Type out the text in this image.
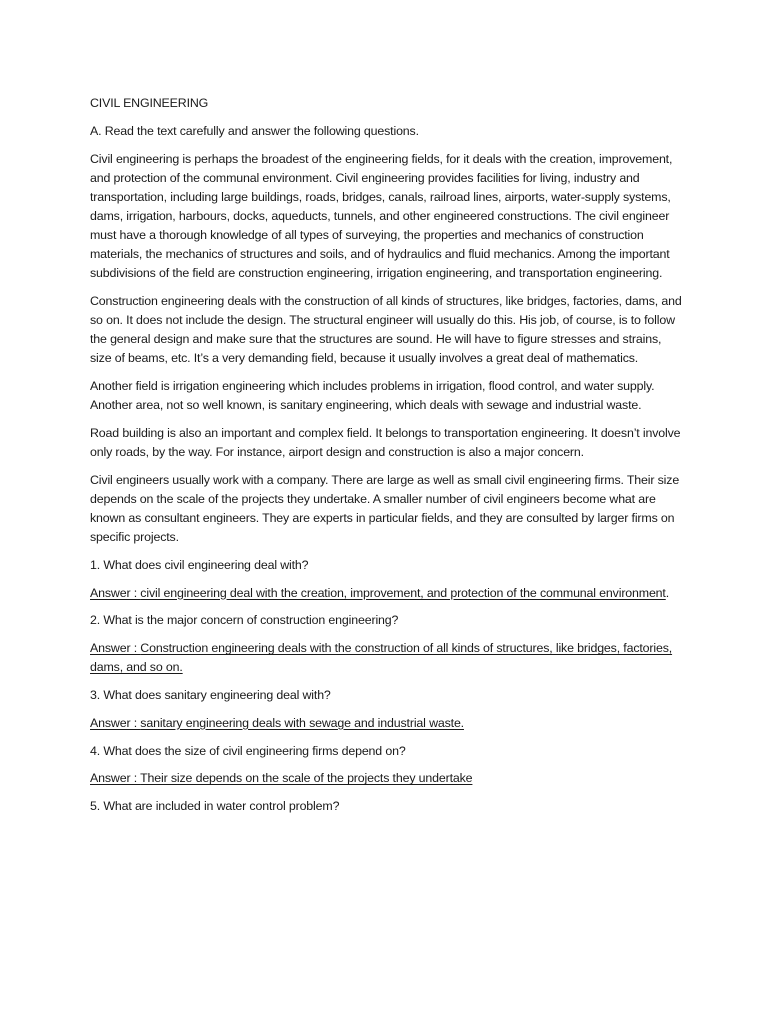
CIVIL ENGINEERING

A. Read the text carefully and answer the following questions.

Civil engineering is perhaps the broadest of the engineering fields, for it deals with the creation, improvement, and protection of the communal environment. Civil engineering provides facilities for living, industry and transportation, including large buildings, roads, bridges, canals, railroad lines, airports, water-supply systems, dams, irrigation, harbours, docks, aqueducts, tunnels, and other engineered constructions. The civil engineer must have a thorough knowledge of all types of surveying, the properties and mechanics of construction materials, the mechanics of structures and soils, and of hydraulics and fluid mechanics. Among the important subdivisions of the field are construction engineering, irrigation engineering, and transportation engineering.

Construction engineering deals with the construction of all kinds of structures, like bridges, factories, dams, and so on. It does not include the design. The structural engineer will usually do this. His job, of course, is to follow the general design and make sure that the structures are sound. He will have to figure stresses and strains, size of beams, etc. It’s a very demanding field, because it usually involves a great deal of mathematics.

Another field is irrigation engineering which includes problems in irrigation, flood control, and water supply. Another area, not so well known, is sanitary engineering, which deals with sewage and industrial waste.

Road building is also an important and complex field. It belongs to transportation engineering. It doesn’t involve only roads, by the way. For instance, airport design and construction is also a major concern.

Civil engineers usually work with a company. There are large as well as small civil engineering firms. Their size depends on the scale of the projects they undertake. A smaller number of civil engineers become what are known as consultant engineers. They are experts in particular fields, and they are consulted by larger firms on specific projects.

1. What does civil engineering deal with?

Answer : civil engineering deal with the creation, improvement, and protection of the communal environment.

2. What is the major concern of construction engineering?

Answer : Construction engineering deals with the construction of all kinds of structures, like bridges, factories, dams, and so on.

3. What does sanitary engineering deal with?

Answer : sanitary engineering deals with sewage and industrial waste.

4. What does the size of civil engineering firms depend on?

Answer : Their size depends on the scale of the projects they undertake

5. What are included in water control problem?
